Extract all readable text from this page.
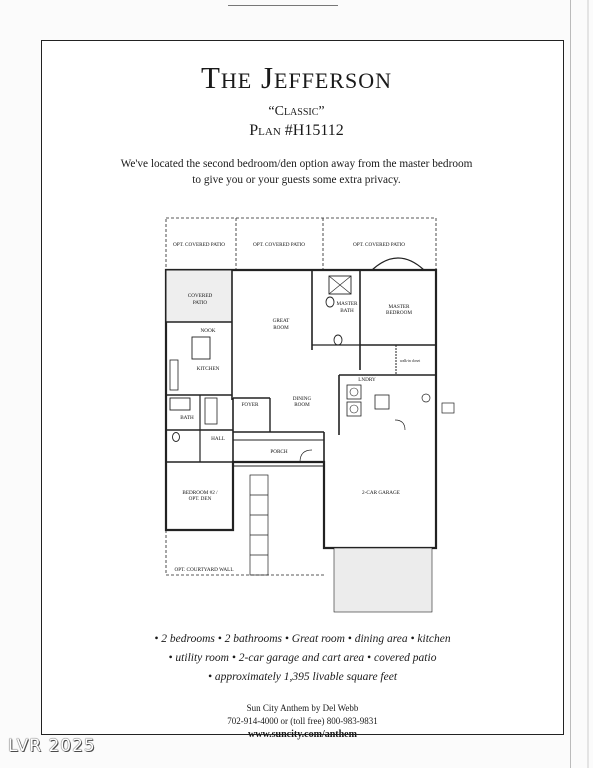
The Jefferson
“Classic”
Plan #H15112
We've located the second bedroom/den option away from the master bedroom
to give you or your guests some extra privacy.
OPT. COVERED PATIO	OPT. COVERED PATIO	OPT. COVERED PATIO
COVERED
PATIO
NOOK
KITCHEN
GREAT
ROOM
MASTER
BATH
MASTER
BEDROOM
DINING
ROOM
FOYER
BATH
HALL
PORCH
LNDRY
2-CAR GARAGE
BEDROOM #2 /
OPT. DEN
OPT. COURTYARD WALL
walk-in closet
• 2 bedrooms • 2 bathrooms • Great room • dining area • kitchen
• utility room • 2-car garage and cart area • covered patio
• approximately 1,395 livable square feet
Sun City Anthem by Del Webb
702-914-4000 or (toll free) 800-983-9831
www.suncity.com/anthem
LVR 2025
